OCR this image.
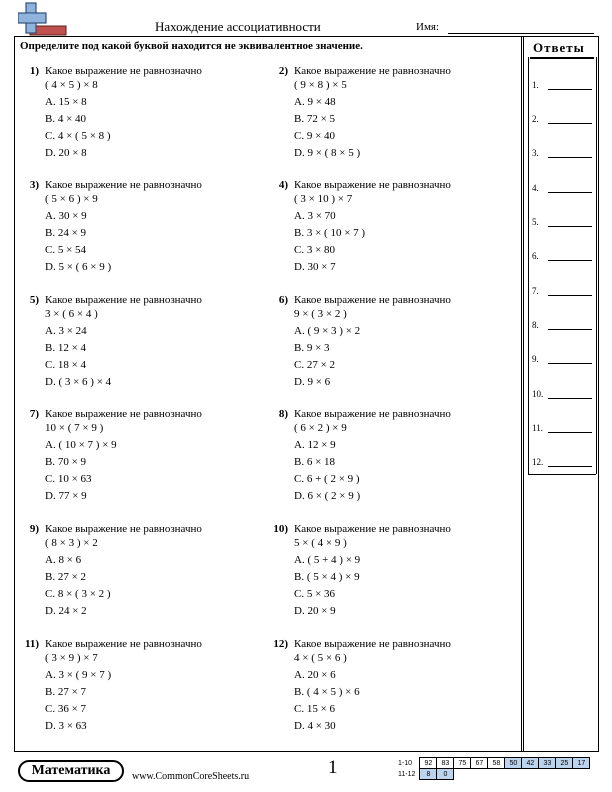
Нахождение ассоциативности	Имя:
Определите под какой буквой находится не эквивалентное значение.	Ответы
1.
2.
3.
4.
5.
6.
7.
8.
9.
10.
11.
12.
1) Какое выражение не равнозначно
( 4 × 5 ) × 8
A. 15 × 8
B. 4 × 40
C. 4 × ( 5 × 8 )
D. 20 × 8
2) Какое выражение не равнозначно
( 9 × 8 ) × 5
A. 9 × 48
B. 72 × 5
C. 9 × 40
D. 9 × ( 8 × 5 )
3) Какое выражение не равнозначно
( 5 × 6 ) × 9
A. 30 × 9
B. 24 × 9
C. 5 × 54
D. 5 × ( 6 × 9 )
4) Какое выражение не равнозначно
( 3 × 10 ) × 7
A. 3 × 70
B. 3 × ( 10 × 7 )
C. 3 × 80
D. 30 × 7
5) Какое выражение не равнозначно
3 × ( 6 × 4 )
A. 3 × 24
B. 12 × 4
C. 18 × 4
D. ( 3 × 6 ) × 4
6) Какое выражение не равнозначно
9 × ( 3 × 2 )
A. ( 9 × 3 ) × 2
B. 9 × 3
C. 27 × 2
D. 9 × 6
7) Какое выражение не равнозначно
10 × ( 7 × 9 )
A. ( 10 × 7 ) × 9
B. 70 × 9
C. 10 × 63
D. 77 × 9
8) Какое выражение не равнозначно
( 6 × 2 ) × 9
A. 12 × 9
B. 6 × 18
C. 6 + ( 2 × 9 )
D. 6 × ( 2 × 9 )
9) Какое выражение не равнозначно
( 8 × 3 ) × 2
A. 8 × 6
B. 27 × 2
C. 8 × ( 3 × 2 )
D. 24 × 2
10) Какое выражение не равнозначно
5 × ( 4 × 9 )
A. ( 5 + 4 ) × 9
B. ( 5 × 4 ) × 9
C. 5 × 36
D. 20 × 9
11) Какое выражение не равнозначно
( 3 × 9 ) × 7
A. 3 × ( 9 × 7 )
B. 27 × 7
C. 36 × 7
D. 3 × 63
12) Какое выражение не равнозначно
4 × ( 5 × 6 )
A. 20 × 6
B. ( 4 × 5 ) × 6
C. 15 × 6
D. 4 × 30
Математика	www.CommonCoreSheets.ru	1	1-10	92	83	75	67	58	50	42	33	25	17
11-12	8	0								
